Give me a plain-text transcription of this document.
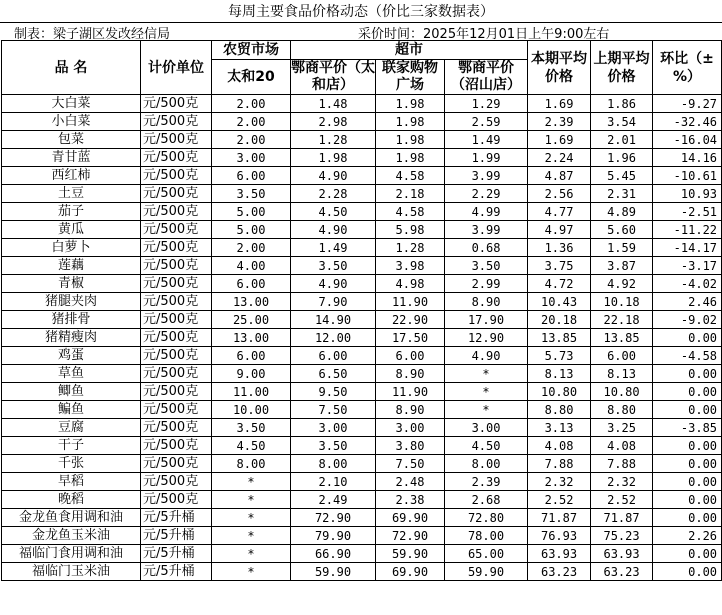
每周主要食品价格动态（价比三家数据表）
制表：梁子湖区发改经信局	采价时间：2025年12月01日上午9:00左右
品 名	计价单位	农贸市场	超市			本期平均价格	上期平均价格	环比（±%）
		太和20	鄂商平价（太和店）	联家购物广场	鄂商平价（沼山店）			
大白菜	元/500克	2.00	1.48	1.98	1.29	1.69	1.86	-9.27
小白菜	元/500克	2.00	2.98	1.98	2.59	2.39	3.54	-32.46
包菜	元/500克	2.00	1.28	1.98	1.49	1.69	2.01	-16.04
青甘蓝	元/500克	3.00	1.98	1.98	1.99	2.24	1.96	14.16
西红柿	元/500克	6.00	4.90	4.58	3.99	4.87	5.45	-10.61
土豆	元/500克	3.50	2.28	2.18	2.29	2.56	2.31	10.93
茄子	元/500克	5.00	4.50	4.58	4.99	4.77	4.89	-2.51
黄瓜	元/500克	5.00	4.90	5.98	3.99	4.97	5.60	-11.22
白萝卜	元/500克	2.00	1.49	1.28	0.68	1.36	1.59	-14.17
莲藕	元/500克	4.00	3.50	3.98	3.50	3.75	3.87	-3.17
青椒	元/500克	6.00	4.90	4.98	2.99	4.72	4.92	-4.02
猪腿夹肉	元/500克	13.00	7.90	11.90	8.90	10.43	10.18	2.46
猪排骨	元/500克	25.00	14.90	22.90	17.90	20.18	22.18	-9.02
猪精瘦肉	元/500克	13.00	12.00	17.50	12.90	13.85	13.85	0.00
鸡蛋	元/500克	6.00	6.00	6.00	4.90	5.73	6.00	-4.58
草鱼	元/500克	9.00	6.50	8.90	*	8.13	8.13	0.00
鲫鱼	元/500克	11.00	9.50	11.90	*	10.80	10.80	0.00
鳊鱼	元/500克	10.00	7.50	8.90	*	8.80	8.80	0.00
豆腐	元/500克	3.50	3.00	3.00	3.00	3.13	3.25	-3.85
干子	元/500克	4.50	3.50	3.80	4.50	4.08	4.08	0.00
千张	元/500克	8.00	8.00	7.50	8.00	7.88	7.88	0.00
早稻	元/500克	*	2.10	2.48	2.39	2.32	2.32	0.00
晚稻	元/500克	*	2.49	2.38	2.68	2.52	2.52	0.00
金龙鱼食用调和油	元/5升桶	*	72.90	69.90	72.80	71.87	71.87	0.00
金龙鱼玉米油	元/5升桶	*	79.90	72.90	78.00	76.93	75.23	2.26
福临门食用调和油	元/5升桶	*	66.90	59.90	65.00	63.93	63.93	0.00
福临门玉米油	元/5升桶	*	59.90	69.90	59.90	63.23	63.23	0.00
